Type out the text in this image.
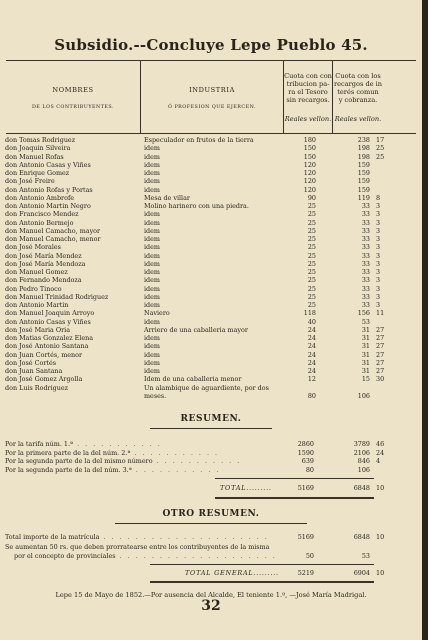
Subsidio.--Concluye Lepe Pueblo 45.
NOMBRES
DE LOS CONTRIBUYENTES.
INDUSTRIA
Ó PROFESION QUE EJERCEN.
Cuota con con
tribucion pa-
ra el Tesoro
sin recargos.
Reales vellon.
Cuota con los
recargos de in
terés comun
y cobranza.
Reales vellon.
don Tomas Rodriguez	Especulador en frutos de la tierra	180	238 17
don Joaquin Silveira	idem	150	198 25
don Manuel Rofas	idem	150	198 25
don Antonio Casas y Viñes	idem	120	159
don Enrique Gomez	idem	120	159
don José Freire	idem	120	159
don Antonio Rofas y Portas	idem	120	159
don Antonio Ambrofe	Mesa de villar	90	119 8
don Antonio Martin Negro	Molino harinero con una piedra.	25	33 3
don Francisco Mendez	idem	25	33 3
don Antonio Bermejo	idem	25	33 3
don Manuel Camacho, mayor	idem	25	33 3
don Manuel Camacho, menor	idem	25	33 3
don José Morales	idem	25	33 3
don José María Mendez	idem	25	33 3
don José María Mendoza	idem	25	33 3
don Manuel Gomez	idem	25	33 3
don Fernando Mendoza	idem	25	33 3
don Pedro Tinoco	idem	25	33 3
don Manuel Trinidad Rodriguez	idem	25	33 3
don Antonio Martin	idem	25	33 3
don Manuel Joaquin Arroyo	Naviero	118	156 11
don Antonio Casas y Viñes	idem	40	53
don José Maria Oria	Arriero de una caballeria mayor	24	31 27
don Matias Gonzalez Elena	idem	24	31 27
don José Antonio Santana	idem	24	31 27
don Juan Cortés, menor	idem	24	31 27
don José Cortés	idem	24	31 27
don Juan Santana	idem	24	31 27
don José Gomez Argolla	Idem de una caballeria menor	12	15 30
don Luis Rodriguez	Un alambique de aguardiente, por dos
meses.	80	106
RESUMEN.
Por la tarifa núm. 1.ª . . . . . . . . . . .	2860	3789 46
Por la primera parte de la del núm. 2.ª . . . . . . . . . . .	1590	2106 24
Por la segunda parte de la del mismo número . . . . . . . . . . .	639	846 4
Por la segunda parte de la del núm. 3.ª . . . . . . . . . . .	80	106
TOTAL.........	5169	6848 10
OTRO RESUMEN.
Total importe de la matrícula . . . . . . . . . . . . . . . . . . . . .	5169	6848 10
Se aumentan 50 rs. que deben prorratearse entre los contribuyentes de la misma
por el concepto de provinciales . . . . . . . . . . . . . . . . . . . .	50	53
TOTAL GENERAL.........	5219	6904 10
Lepe 15 de Mayo de 1852.—Por ausencia del Alcalde, El teniente 1.º, —José María Madrigal.
32
